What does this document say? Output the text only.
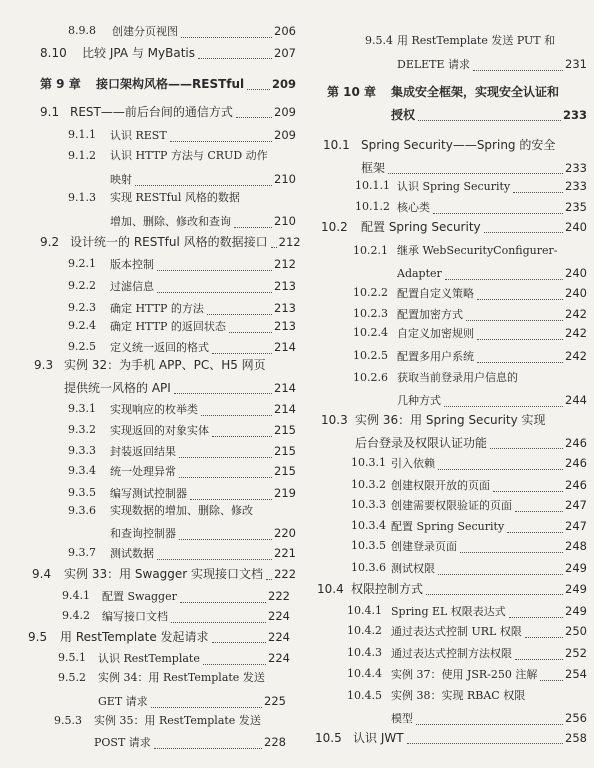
8.9.8 创建分页视图	206
8.10 比较 JPA 与 MyBatis	207
第 9 章 接口架构风格——RESTful 209
9.1 REST——前后台间的通信方式	209
9.1.1 认识 REST	209
9.1.2 认识 HTTP 方法与 CRUD 动作
映射	210
9.1.3 实现 RESTful 风格的数据
增加、删除、修改和查询	210
9.2 设计统一的 RESTful 风格的数据接口 212
9.2.1 版本控制	212
9.2.2 过滤信息	213
9.2.3 确定 HTTP 的方法	213
9.2.4 确定 HTTP 的返回状态	213
9.2.5 定义统一返回的格式	214
9.3 实例 32：为手机 APP、PC、H5 网页
提供统一风格的 API	214
9.3.1 实现响应的枚举类	214
9.3.2 实现返回的对象实体	215
9.3.3 封装返回结果	215
9.3.4 统一处理异常	215
9.3.5 编写测试控制器	219
9.3.6 实现数据的增加、删除、修改
和查询控制器	220
9.3.7 测试数据	221
9.4 实例 33：用 Swagger 实现接口文档 222
9.4.1 配置 Swagger	222
9.4.2 编写接口文档	224
9.5 用 RestTemplate 发起请求	224
9.5.1 认识 RestTemplate	224
9.5.2 实例 34：用 RestTemplate 发送
GET 请求	225
9.5.3 实例 35：用 RestTemplate 发送
POST 请求	228
9.5.4 用 RestTemplate 发送 PUT 和
DELETE 请求	231
第 10 章 集成安全框架，实现安全认证和
授权	233
10.1 Spring Security——Spring 的安全
框架	233
10.1.1 认识 Spring Security	233
10.1.2 核心类	235
10.2 配置 Spring Security	240
10.2.1 继承 WebSecurityConfigurer-
Adapter	240
10.2.2 配置自定义策略	240
10.2.3 配置加密方式	242
10.2.4 自定义加密规则	242
10.2.5 配置多用户系统	242
10.2.6 获取当前登录用户信息的
几种方式	244
10.3 实例 36：用 Spring Security 实现
后台登录及权限认证功能	246
10.3.1 引入依赖	246
10.3.2 创建权限开放的页面	246
10.3.3 创建需要权限验证的页面	247
10.3.4 配置 Spring Security	247
10.3.5 创建登录页面	248
10.3.6 测试权限	249
10.4 权限控制方式	249
10.4.1 Spring EL 权限表达式	249
10.4.2 通过表达式控制 URL 权限	250
10.4.3 通过表达式控制方法权限	252
10.4.4 实例 37：使用 JSR-250 注解 254
10.4.5 实例 38：实现 RBAC 权限
模型	256
10.5 认识 JWT	258
